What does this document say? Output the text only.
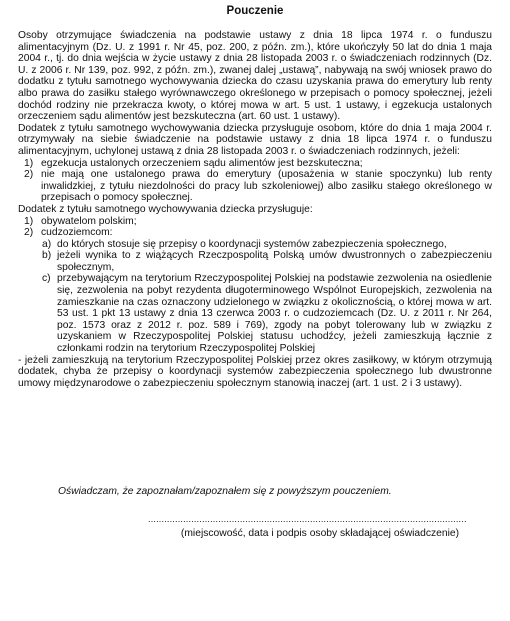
Pouczenie

Osoby otrzymujące świadczenia na podstawie ustawy z dnia 18 lipca 1974 r. o funduszu alimentacyjnym (Dz. U. z 1991 r. Nr 45, poz. 200, z późn. zm.), które ukończyły 50 lat do dnia 1 maja 2004 r., tj. do dnia wejścia w życie ustawy z dnia 28 listopada 2003 r. o świadczeniach rodzinnych (Dz. U. z 2006 r. Nr 139, poz. 992, z późn. zm.), zwanej dalej „ustawą”, nabywają na swój wniosek prawo do dodatku z tytułu samotnego wychowywania dziecka do czasu uzyskania prawa do emerytury lub renty albo prawa do zasiłku stałego wyrównawczego określonego w przepisach o pomocy społecznej, jeżeli dochód rodziny nie przekracza kwoty, o której mowa w art. 5 ust. 1 ustawy, i egzekucja ustalonych orzeczeniem sądu alimentów jest bezskuteczna (art. 60 ust. 1 ustawy).

Dodatek z tytułu samotnego wychowywania dziecka przysługuje osobom, które do dnia 1 maja 2004 r. otrzymywały na siebie świadczenie na podstawie ustawy z dnia 18 lipca 1974 r. o funduszu alimentacyjnym, uchylonej ustawą z dnia 28 listopada 2003 r. o świadczeniach rodzinnych, jeżeli:

1) egzekucja ustalonych orzeczeniem sądu alimentów jest bezskuteczna;
2) nie mają one ustalonego prawa do emerytury (uposażenia w stanie spoczynku) lub renty inwalidzkiej, z tytułu niezdolności do pracy lub szkoleniowej) albo zasiłku stałego określonego w przepisach o pomocy społecznej.

Dodatek z tytułu samotnego wychowywania dziecka przysługuje:

1) obywatelom polskim;
2) cudzoziemcom:
a) do których stosuje się przepisy o koordynacji systemów zabezpieczenia społecznego,
b) jeżeli wynika to z wiążących Rzeczpospolitą Polską umów dwustronnych o zabezpieczeniu społecznym,
c) przebywającym na terytorium Rzeczypospolitej Polskiej na podstawie zezwolenia na osiedlenie się, zezwolenia na pobyt rezydenta długoterminowego Wspólnot Europejskich, zezwolenia na zamieszkanie na czas oznaczony udzielonego w związku z okolicznością, o której mowa w art. 53 ust. 1 pkt 13 ustawy z dnia 13 czerwca 2003 r. o cudzoziemcach (Dz. U. z 2011 r. Nr 264, poz. 1573 oraz z 2012 r. poz. 589 i 769), zgody na pobyt tolerowany lub w związku z uzyskaniem w Rzeczypospolitej Polskiej statusu uchodźcy, jeżeli zamieszkują łącznie z członkami rodzin na terytorium Rzeczypospolitej Polskiej

- jeżeli zamieszkują na terytorium Rzeczypospolitej Polskiej przez okres zasiłkowy, w którym otrzymują dodatek, chyba że przepisy o koordynacji systemów zabezpieczenia społecznego lub dwustronne umowy międzynarodowe o zabezpieczeniu społecznym stanowią inaczej (art. 1 ust. 2 i 3 ustawy).

Oświadczam, że zapoznałam/zapoznałem się z powyższym pouczeniem.
......................................................................................................................
(miejscowość, data i podpis osoby składającej oświadczenie)
